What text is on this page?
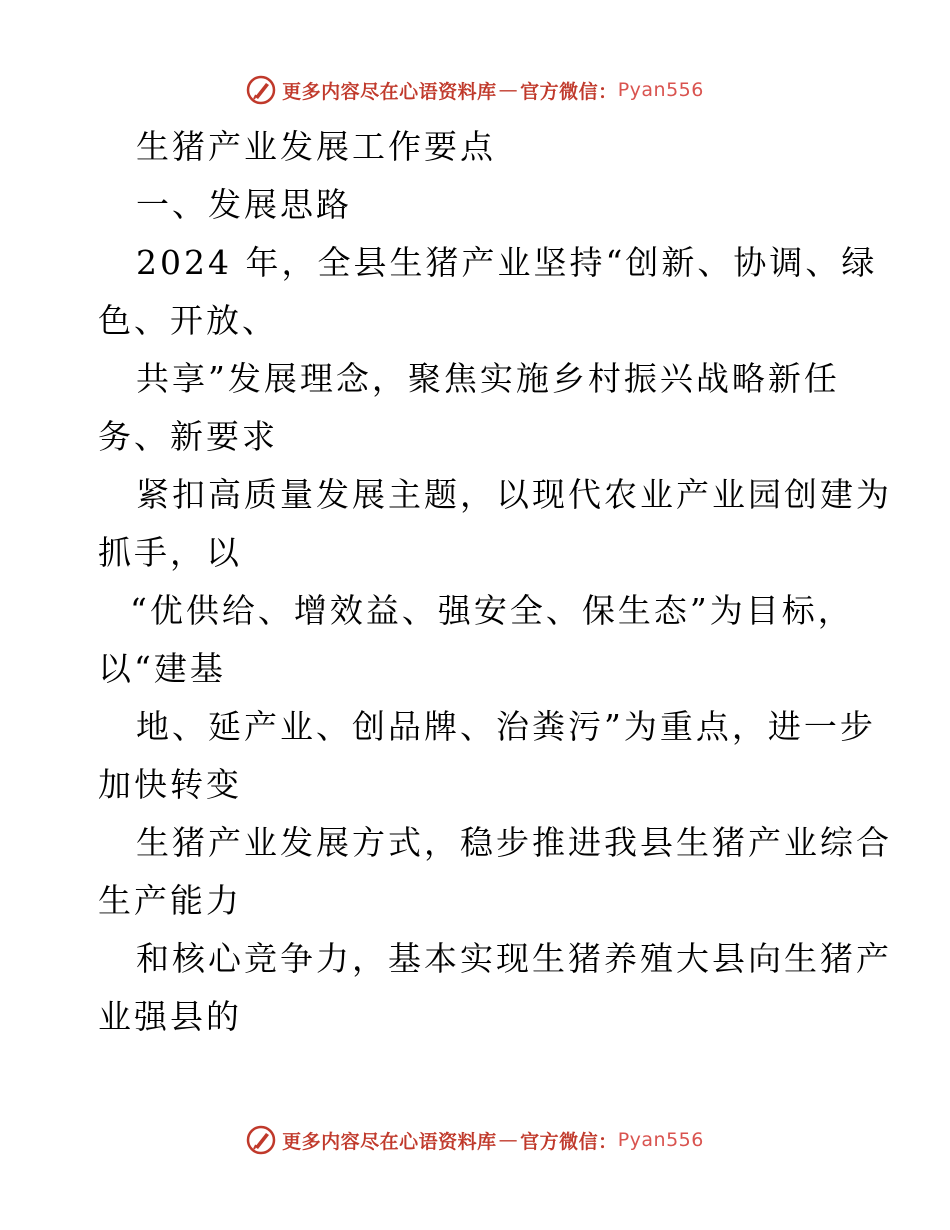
更多内容尽在心语资料库 — 官方微信： Pyan556
生猪产业发展工作要点
一、发展思路
2024 年，全县生猪产业坚持“创新、协调、绿
色、开放、
共享”发展理念，聚焦实施乡村振兴战略新任
务、新要求
紧扣高质量发展主题，以现代农业产业园创建为
抓手，以
“优供给、增效益、强安全、保生态”为目标，
以“建基
地、延产业、创品牌、治粪污”为重点，进一步
加快转变
生猪产业发展方式，稳步推进我县生猪产业综合
生产能力
和核心竞争力，基本实现生猪养殖大县向生猪产
业强县的
更多内容尽在心语资料库 — 官方微信： Pyan556
